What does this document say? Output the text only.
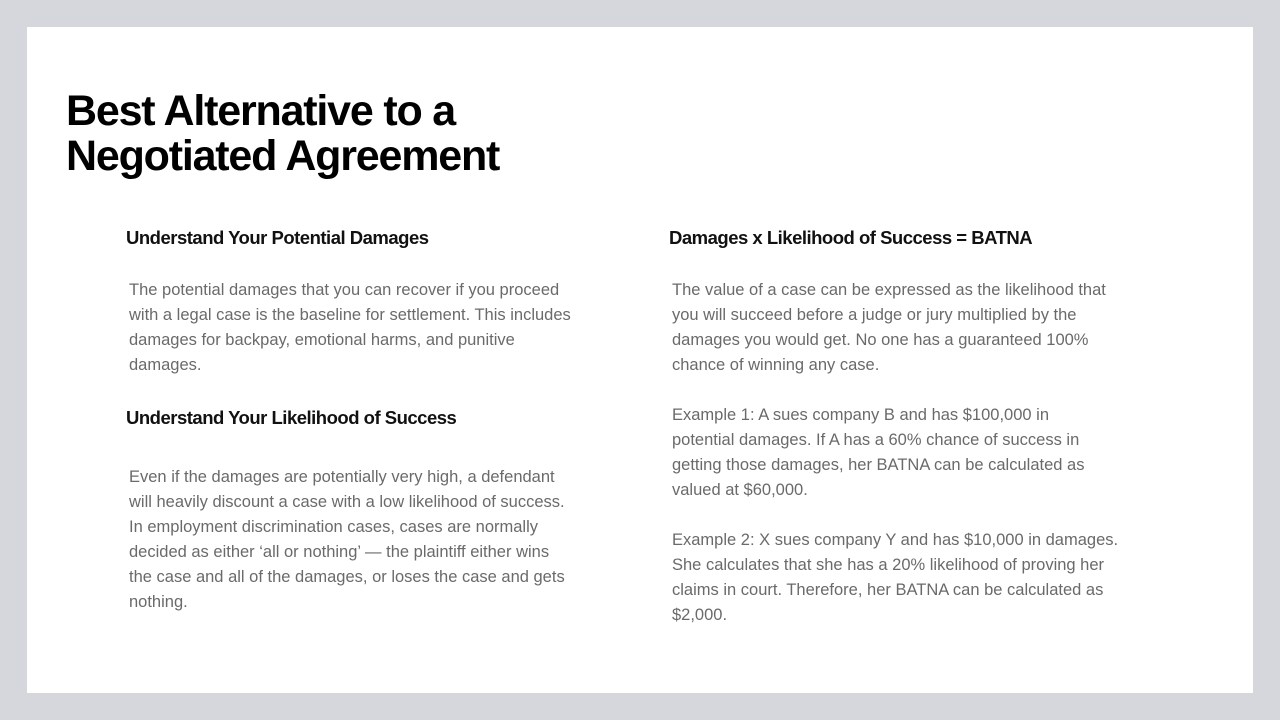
Best Alternative to a
Negotiated Agreement
Understand Your Potential Damages

The potential damages that you can recover if you proceed
with a legal case is the baseline for settlement. This includes
damages for backpay, emotional harms, and punitive
damages.

Understand Your Likelihood of Success

Even if the damages are potentially very high, a defendant
will heavily discount a case with a low likelihood of success.
In employment discrimination cases, cases are normally
decided as either ‘all or nothing’ — the plaintiff either wins
the case and all of the damages, or loses the case and gets
nothing.

Damages x Likelihood of Success = BATNA

The value of a case can be expressed as the likelihood that
you will succeed before a judge or jury multiplied by the
damages you would get. No one has a guaranteed 100%
chance of winning any case.

Example 1: A sues company B and has $100,000 in
potential damages. If A has a 60% chance of success in
getting those damages, her BATNA can be calculated as
valued at $60,000.

Example 2: X sues company Y and has $10,000 in damages.
She calculates that she has a 20% likelihood of proving her
claims in court. Therefore, her BATNA can be calculated as
$2,000.
